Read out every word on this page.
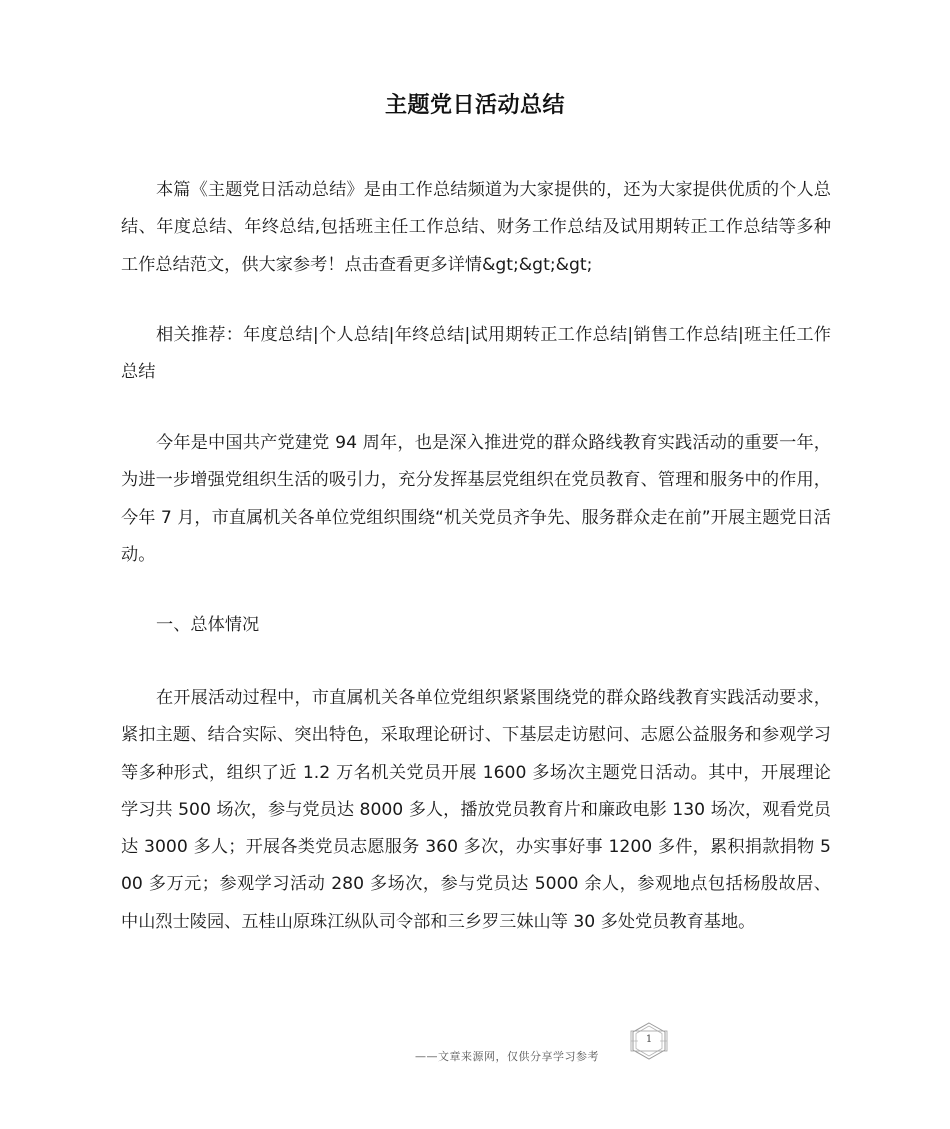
主题党日活动总结

本篇《主题党日活动总结》是由工作总结频道为大家提供的，还为大家提供优质的个人总结、年度总结、年终总结,包括班主任工作总结、财务工作总结及试用期转正工作总结等多种工作总结范文，供大家参考！点击查看更多详情&gt;&gt;&gt;

相关推荐：年度总结|个人总结|年终总结|试用期转正工作总结|销售工作总结|班主任工作总结

今年是中国共产党建党 94 周年，也是深入推进党的群众路线教育实践活动的重要一年，为进一步增强党组织生活的吸引力，充分发挥基层党组织在党员教育、管理和服务中的作用，今年 7 月，市直属机关各单位党组织围绕“机关党员齐争先、服务群众走在前”开展主题党日活动。

一、总体情况

在开展活动过程中，市直属机关各单位党组织紧紧围绕党的群众路线教育实践活动要求，紧扣主题、结合实际、突出特色，采取理论研讨、下基层走访慰问、志愿公益服务和参观学习等多种形式，组织了近 1.2 万名机关党员开展 1600 多场次主题党日活动。其中，开展理论学习共 500 场次，参与党员达 8000 多人，播放党员教育片和廉政电影 130 场次，观看党员达 3000 多人；开展各类党员志愿服务 360 多次，办实事好事 1200 多件，累积捐款捐物 500 多万元；参观学习活动 280 多场次，参与党员达 5000 余人，参观地点包括杨殷故居、中山烈士陵园、五桂山原珠江纵队司令部和三乡罗三妹山等 30 多处党员教育基地。

——文章来源网，仅供分享学习参考
1
